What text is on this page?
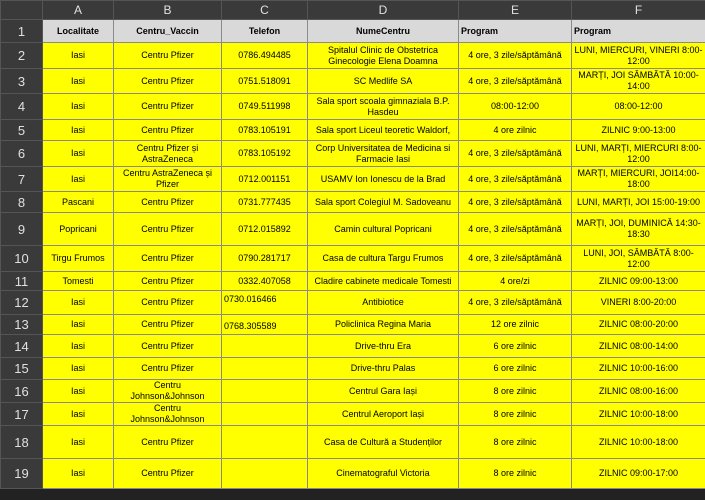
	A	B	C	D	E	F
1	Localitate	Centru_Vaccin	Telefon	NumeCentru	Program	Program
2	Iasi	Centru Pfizer	0786.494485	Spitalul Clinic de Obstetrica Ginecologie Elena Doamna	4 ore, 3 zile/săptămână	LUNI, MIERCURI, VINERI 8:00-12:00
3	Iasi	Centru Pfizer	0751.518091	SC Medlife SA	4 ore, 3 zile/săptămână	MARȚI, JOI SÂMBĂTĂ 10:00-14:00
4	Iasi	Centru Pfizer	0749.511998	Sala sport scoala gimnaziala B.P. Hasdeu	08:00-12:00	08:00-12:00
5	Iasi	Centru Pfizer	0783.105191	Sala sport Liceul teoretic Waldorf,	4 ore zilnic	ZILNIC 9:00-13:00
6	Iasi	Centru Pfizer și AstraZeneca	0783.105192	Corp Universitatea de Medicina si Farmacie Iasi	4 ore, 3 zile/săptămână	LUNI, MARȚI, MIERCURI 8:00-12:00
7	Iasi	Centru AstraZeneca și Pfizer	0712.001151	USAMV Ion Ionescu de la Brad	4 ore, 3 zile/săptămână	MARȚI, MIERCURI, JOI14:00-18:00
8	Pascani	Centru Pfizer	0731.777435	Sala sport Colegiul M. Sadoveanu	4 ore, 3 zile/săptămână	LUNI, MARȚI, JOI 15:00-19:00
9	Popricani	Centru Pfizer	0712.015892	Camin cultural Popricani	4 ore, 3 zile/săptămână	MARȚI, JOI, DUMINICĂ 14:30-18:30
10	Tirgu Frumos	Centru Pfizer	0790.281717	Casa de cultura Targu Frumos	4 ore, 3 zile/săptămână	LUNI, JOI, SÂMBĂTĂ 8:00-12:00
11	Tomesti	Centru Pfizer	0332.407058	Cladire cabinete medicale Tomesti	4 ore/zi	ZILNIC 09:00-13:00
12	Iasi	Centru Pfizer	0730.016466	Antibiotice	4 ore, 3 zile/săptămână	VINERI 8:00-20:00
13	Iasi	Centru Pfizer	0768.305589	Policlinica Regina Maria	12 ore zilnic	ZILNIC 08:00-20:00
14	Iasi	Centru Pfizer		Drive-thru Era	6 ore zilnic	ZILNIC 08:00-14:00
15	Iasi	Centru Pfizer		Drive-thru Palas	6 ore zilnic	ZILNIC 10:00-16:00
16	Iasi	Centru Johnson&Johnson		Centrul Gara Iași	8 ore zilnic	ZILNIC 08:00-16:00
17	Iasi	Centru Johnson&Johnson		Centrul Aeroport Iași	8 ore zilnic	ZILNIC 10:00-18:00
18	Iasi	Centru Pfizer		Casa de Cultură a Studenților	8 ore zilnic	ZILNIC 10:00-18:00
19	Iasi	Centru Pfizer		Cinematograful Victoria	8 ore zilnic	ZILNIC 09:00-17:00
